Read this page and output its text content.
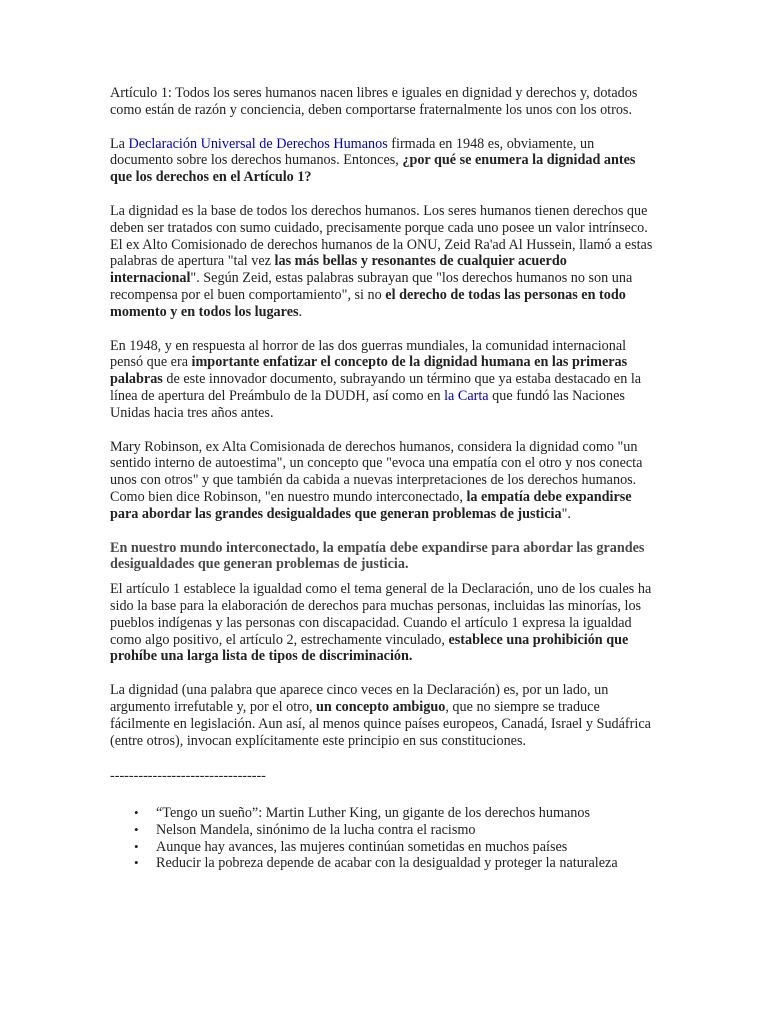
Artículo 1: Todos los seres humanos nacen libres e iguales en dignidad y derechos y, dotados como están de razón y conciencia, deben comportarse fraternalmente los unos con los otros.

La Declaración Universal de Derechos Humanos firmada en 1948 es, obviamente, un documento sobre los derechos humanos. Entonces, ¿por qué se enumera la dignidad antes que los derechos en el Artículo 1?

La dignidad es la base de todos los derechos humanos. Los seres humanos tienen derechos que deben ser tratados con sumo cuidado, precisamente porque cada uno posee un valor intrínseco. El ex Alto Comisionado de derechos humanos de la ONU, Zeid Ra'ad Al Hussein, llamó a estas palabras de apertura "tal vez las más bellas y resonantes de cualquier acuerdo internacional". Según Zeid, estas palabras subrayan que "los derechos humanos no son una recompensa por el buen comportamiento", si no el derecho de todas las personas en todo momento y en todos los lugares.

En 1948, y en respuesta al horror de las dos guerras mundiales, la comunidad internacional pensó que era importante enfatizar el concepto de la dignidad humana en las primeras palabras de este innovador documento, subrayando un término que ya estaba destacado en la línea de apertura del Preámbulo de la DUDH, así como en la Carta que fundó las Naciones Unidas hacia tres años antes.

Mary Robinson, ex Alta Comisionada de derechos humanos, considera la dignidad como "un sentido interno de autoestima", un concepto que "evoca una empatía con el otro y nos conecta unos con otros" y que también da cabida a nuevas interpretaciones de los derechos humanos. Como bien dice Robinson, "en nuestro mundo interconectado, la empatía debe expandirse para abordar las grandes desigualdades que generan problemas de justicia".

En nuestro mundo interconectado, la empatía debe expandirse para abordar las grandes desigualdades que generan problemas de justicia.

El artículo 1 establece la igualdad como el tema general de la Declaración, uno de los cuales ha sido la base para la elaboración de derechos para muchas personas, incluidas las minorías, los pueblos indígenas y las personas con discapacidad. Cuando el artículo 1 expresa la igualdad como algo positivo, el artículo 2, estrechamente vinculado, establece una prohibición que prohíbe una larga lista de tipos de discriminación.

La dignidad (una palabra que aparece cinco veces en la Declaración) es, por un lado, un argumento irrefutable y, por el otro, un concepto ambiguo, que no siempre se traduce fácilmente en legislación. Aun así, al menos quince países europeos, Canadá, Israel y Sudáfrica (entre otros), invocan explícitamente este principio en sus constituciones.

---------------------------------

• “Tengo un sueño”: Martin Luther King, un gigante de los derechos humanos
• Nelson Mandela, sinónimo de la lucha contra el racismo
• Aunque hay avances, las mujeres continúan sometidas en muchos países
• Reducir la pobreza depende de acabar con la desigualdad y proteger la naturaleza
